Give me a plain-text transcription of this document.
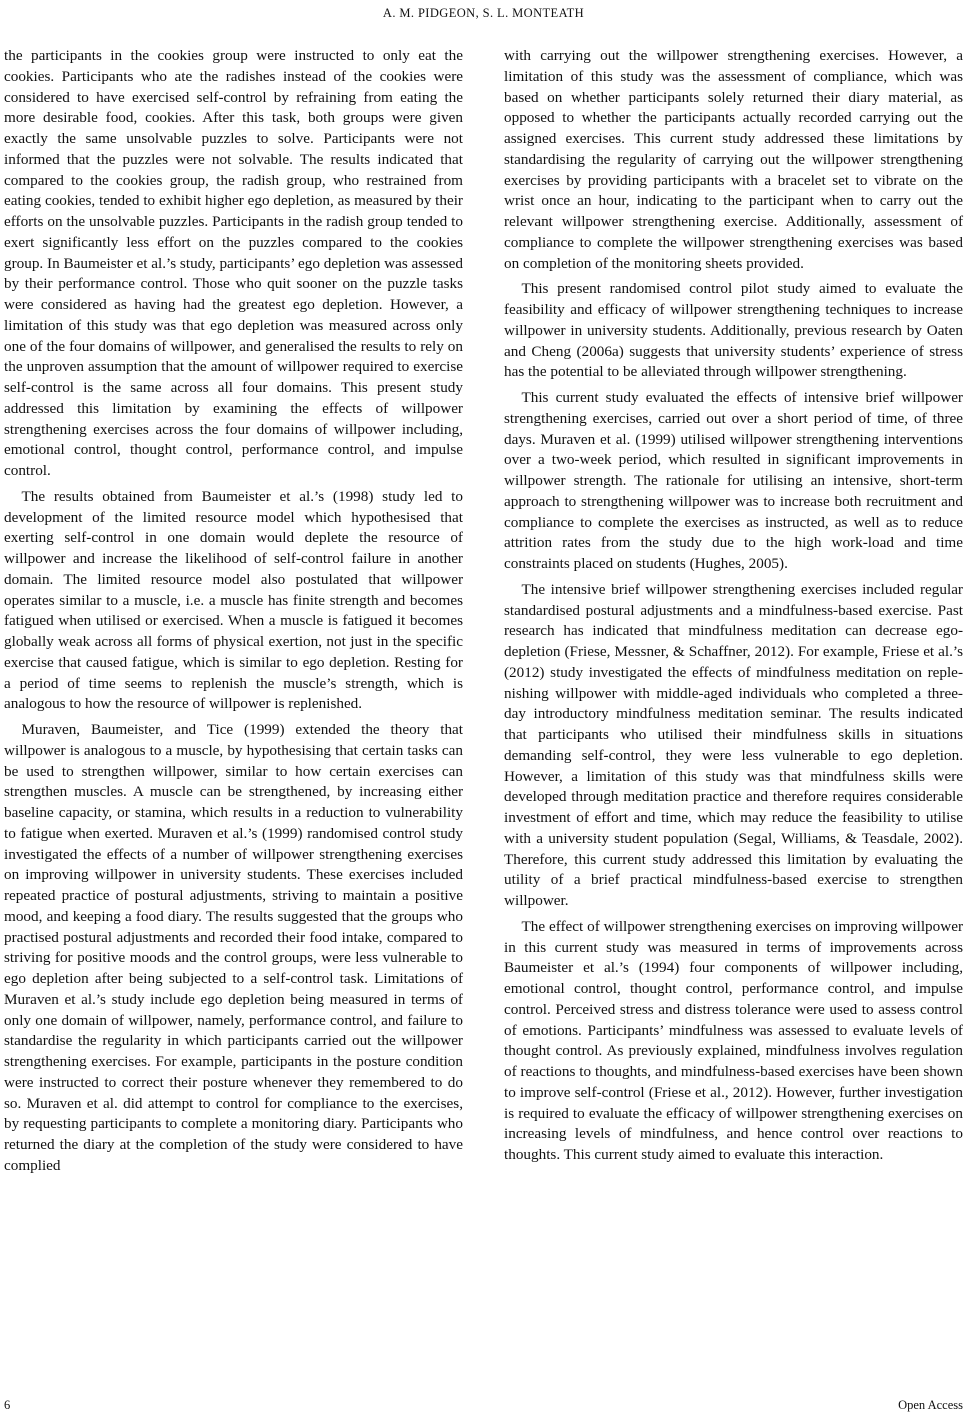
A. M. PIDGEON, S. L. MONTEATH

the participants in the cookies group were instructed to only eat the cookies. Participants who ate the radishes instead of the cookies were considered to have exercised self-control by refraining from eating the more desirable food, cookies. After this task, both groups were given exactly the same unsolvable puzzles to solve. Participants were not informed that the puzzles were not solvable. The results indicated that compared to the cookies group, the radish group, who restrained from eating cookies, tended to exhibit higher ego depletion, as measured by their efforts on the unsolvable puzzles. Participants in the radish group tended to exert significantly less effort on the puzzles compared to the cookies group. In Baumeister et al.’s study, participants’ ego depletion was assessed by their performance control. Those who quit sooner on the puzzle tasks were considered as having had the greatest ego depletion. However, a limitation of this study was that ego depletion was measured across only one of the four domains of willpower, and generalised the results to rely on the unproven assumption that the amount of willpower required to exercise self-control is the same across all four domains. This present study addressed this limitation by examining the effects of willpower strengthening exercises across the four domains of willpower including, emotional control, thought control, performance control, and impulse control.

The results obtained from Baumeister et al.’s (1998) study led to development of the limited resource model which hypothesised that exerting self-control in one domain would deplete the resource of willpower and increase the likelihood of self-control failure in another domain. The limited resource model also postulated that willpower operates similar to a muscle, i.e. a muscle has finite strength and becomes fatigued when utilised or exercised. When a muscle is fatigued it becomes globally weak across all forms of physical exertion, not just in the specific exercise that caused fatigue, which is similar to ego depletion. Resting for a period of time seems to replenish the muscle’s strength, which is analogous to how the resource of willpower is replenished.

Muraven, Baumeister, and Tice (1999) extended the theory that willpower is analogous to a muscle, by hypothesising that certain tasks can be used to strengthen willpower, similar to how certain exercises can strengthen muscles. A muscle can be strengthened, by increasing either baseline capacity, or stamina, which results in a reduction to vulnerability to fatigue when exerted. Muraven et al.’s (1999) randomised control study investigated the effects of a number of willpower strengthening exercises on improving willpower in university students. These exercises included repeated practice of postural adjustments, striving to maintain a positive mood, and keeping a food diary. The results suggested that the groups who practised postural adjustments and recorded their food intake, compared to striving for positive moods and the control groups, were less vulnerable to ego depletion after being subjected to a self-control task. Limitations of Muraven et al.’s study include ego depletion being measured in terms of only one domain of willpower, namely, performance control, and failure to standardise the regularity in which participants carried out the willpower strengthening exercises. For example, participants in the posture condition were instructed to correct their posture whenever they remembered to do so. Muraven et al. did attempt to control for compliance to the exercises, by requesting participants to complete a monitoring diary. Participants who returned the diary at the completion of the study were considered to have complied

with carrying out the willpower strengthening exercises. However, a limitation of this study was the assessment of compliance, which was based on whether participants solely returned their diary material, as opposed to whether the participants actually recorded carrying out the assigned exercises. This current study addressed these limitations by standardising the regularity of carrying out the willpower strengthening exercises by providing participants with a bracelet set to vibrate on the wrist once an hour, indicating to the participant when to carry out the relevant willpower strengthening exercise. Additionally, assessment of compliance to complete the willpower strengthening exercises was based on completion of the monitoring sheets provided.

This present randomised control pilot study aimed to evaluate the feasibility and efficacy of willpower strengthening techniques to increase willpower in university students. Additionally, previous research by Oaten and Cheng (2006a) suggests that university students’ experience of stress has the potential to be alleviated through willpower strengthening.

This current study evaluated the effects of intensive brief willpower strengthening exercises, carried out over a short period of time, of three days. Muraven et al. (1999) utilised willpower strengthening interventions over a two-week period, which resulted in significant improvements in willpower strength. The rationale for utilising an intensive, short-term approach to strengthening willpower was to increase both recruitment and compliance to complete the exercises as instructed, as well as to reduce attrition rates from the study due to the high work-load and time constraints placed on students (Hughes, 2005).

The intensive brief willpower strengthening exercises included regular standardised postural adjustments and a mindfulness-based exercise. Past research has indicated that mindfulness meditation can decrease ego-depletion (Friese, Messner, & Schaffner, 2012). For example, Friese et al.’s (2012) study investigated the effects of mindfulness meditation on replenishing willpower with middle-aged individuals who completed a three-day introductory mindfulness meditation seminar. The results indicated that participants who utilised their mindfulness skills in situations demanding self-control, they were less vulnerable to ego depletion. However, a limitation of this study was that mindfulness skills were developed through meditation practice and therefore requires considerable investment of effort and time, which may reduce the feasibility to utilise with a university student population (Segal, Williams, & Teasdale, 2002). Therefore, this current study addressed this limitation by evaluating the utility of a brief practical mindfulness-based exercise to strengthen willpower.

The effect of willpower strengthening exercises on improving willpower in this current study was measured in terms of improvements across Baumeister et al.’s (1994) four components of willpower including, emotional control, thought control, performance control, and impulse control. Perceived stress and distress tolerance were used to assess control of emotions. Participants’ mindfulness was assessed to evaluate levels of thought control. As previously explained, mindfulness involves regulation of reactions to thoughts, and mindfulness-based exercises have been shown to improve self-control (Friese et al., 2012). However, further investigation is required to evaluate the efficacy of willpower strengthening exercises on increasing levels of mindfulness, and hence control over reactions to thoughts. This current study aimed to evaluate this interaction.

6	Open Access
